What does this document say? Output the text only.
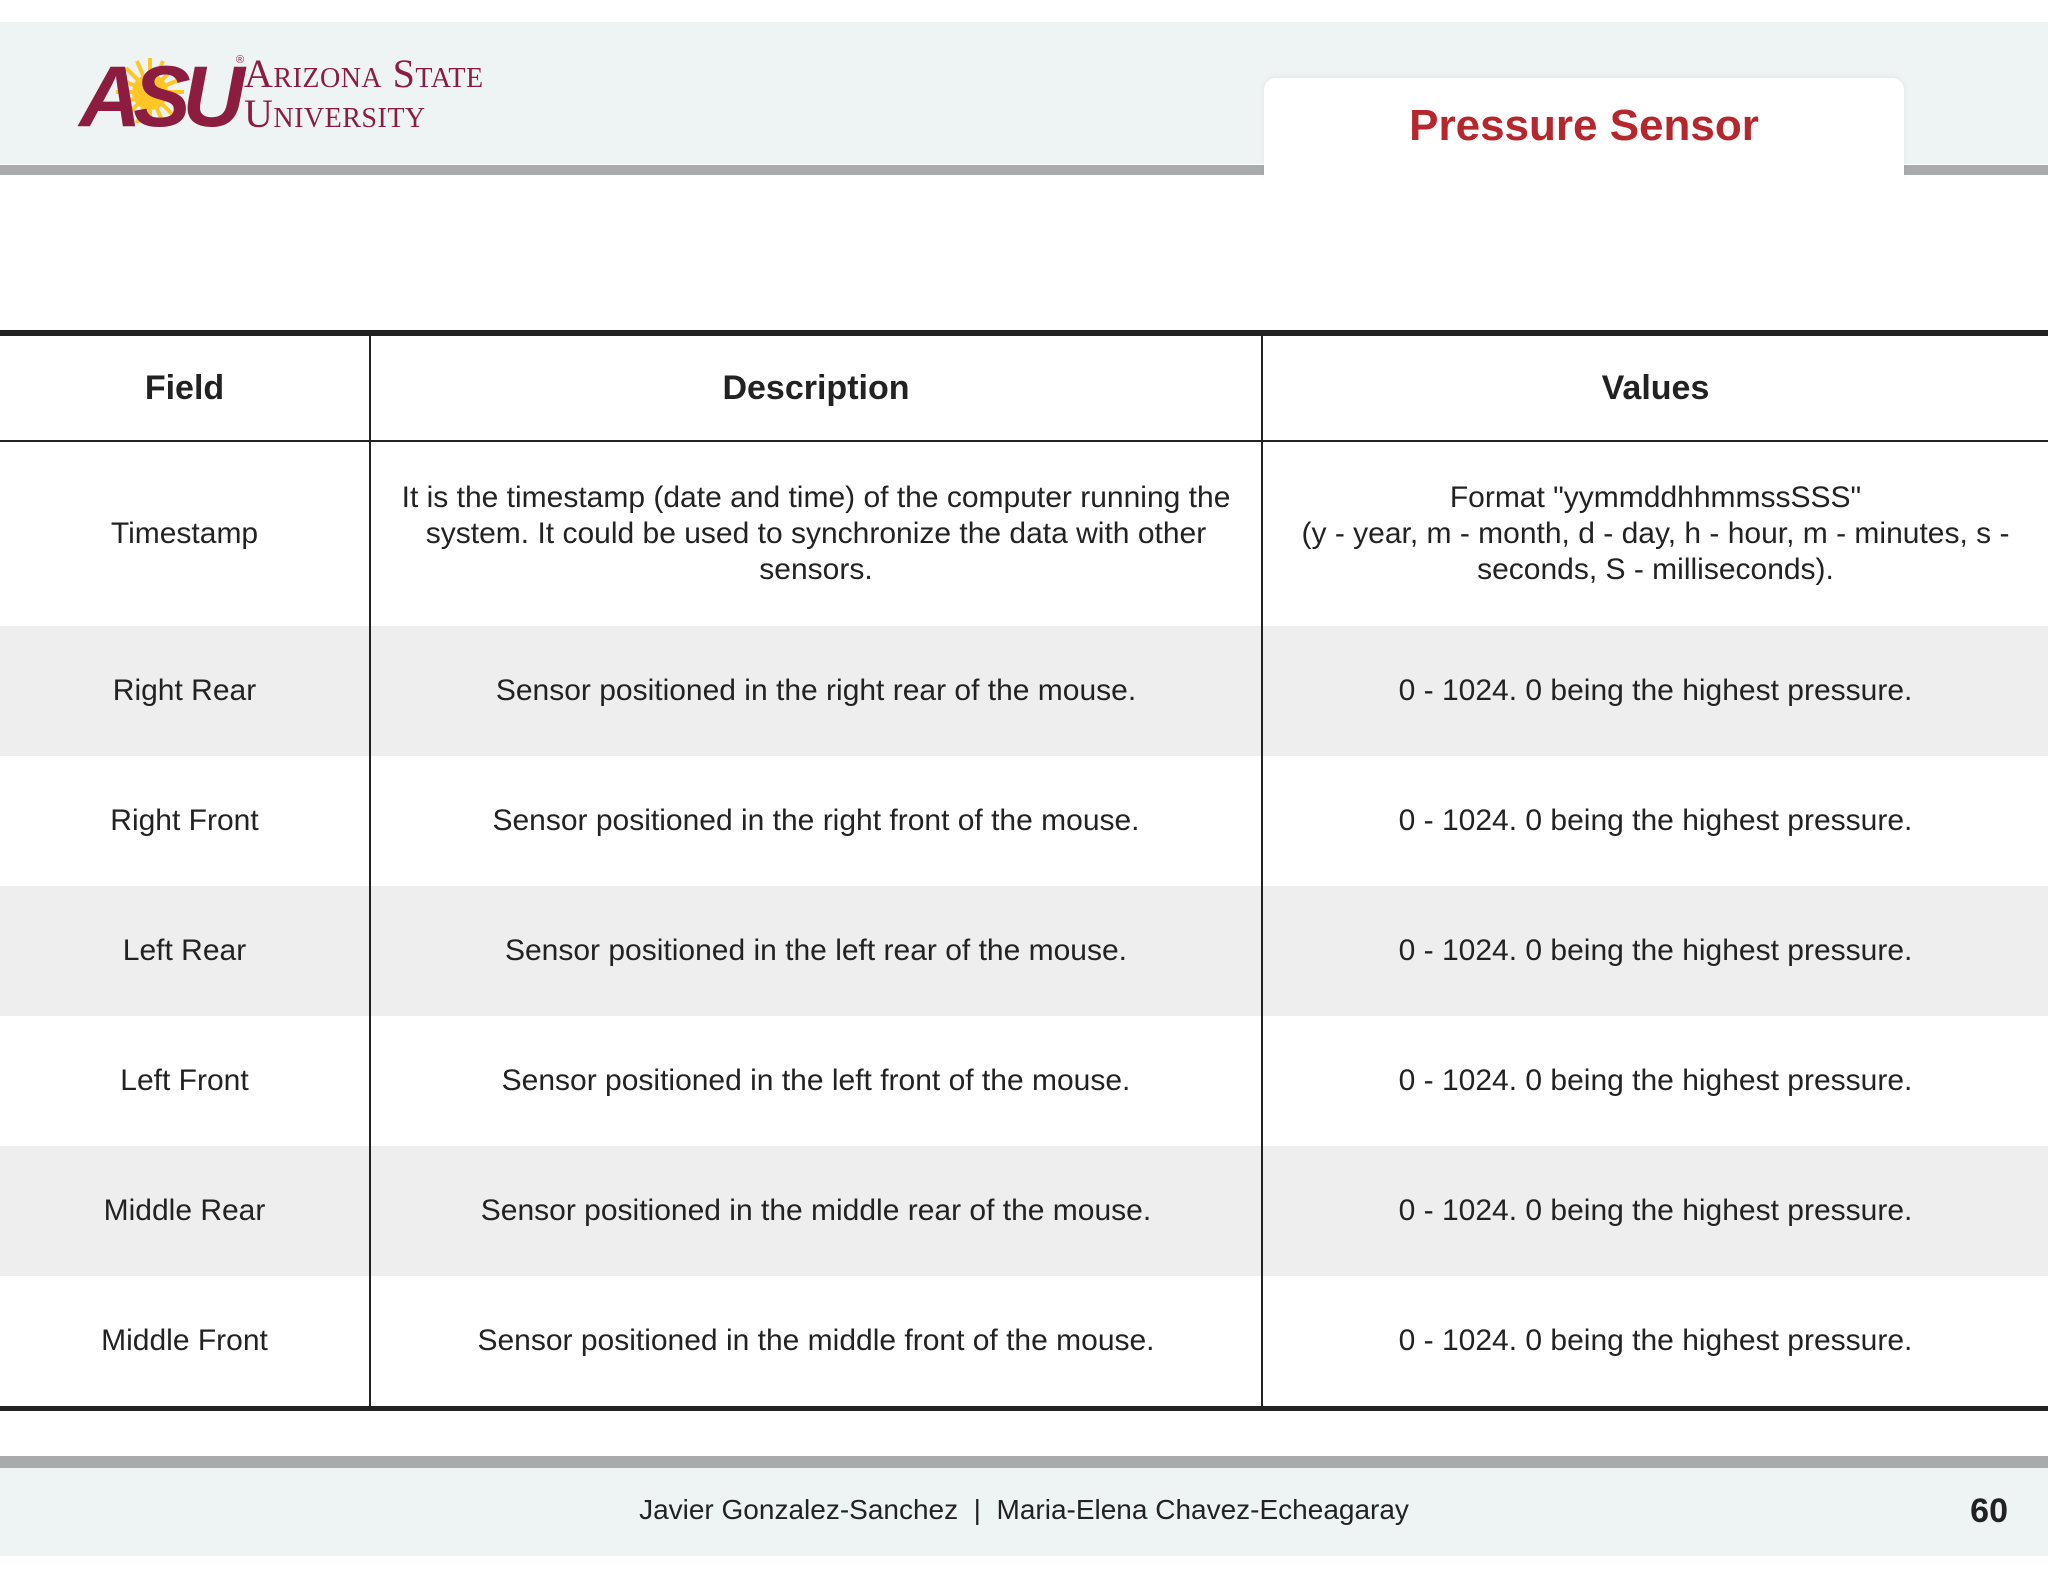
ASU ® Arizona State
University	Pressure Sensor
Field	Description	Values
Timestamp	It is the timestamp (date and time) of the computer running the system. It could be used to synchronize the data with other sensors.	Format "yymmddhhmmssSSS"
(y - year, m - month, d - day, h - hour, m - minutes, s - seconds, S - milliseconds).

Right Rear	Sensor positioned in the right rear of the mouse.	0 - 1024. 0 being the highest pressure.
Right Front	Sensor positioned in the right front of the mouse.	0 - 1024. 0 being the highest pressure.
Left Rear	Sensor positioned in the left rear of the mouse.	0 - 1024. 0 being the highest pressure.
Left Front	Sensor positioned in the left front of the mouse.	0 - 1024. 0 being the highest pressure.
Middle Rear	Sensor positioned in the middle rear of the mouse.	0 - 1024. 0 being the highest pressure.
Middle Front	Sensor positioned in the middle front of the mouse.	0 - 1024. 0 being the highest pressure.
Javier Gonzalez-Sanchez  |  Maria-Elena Chavez-Echeagaray	60
